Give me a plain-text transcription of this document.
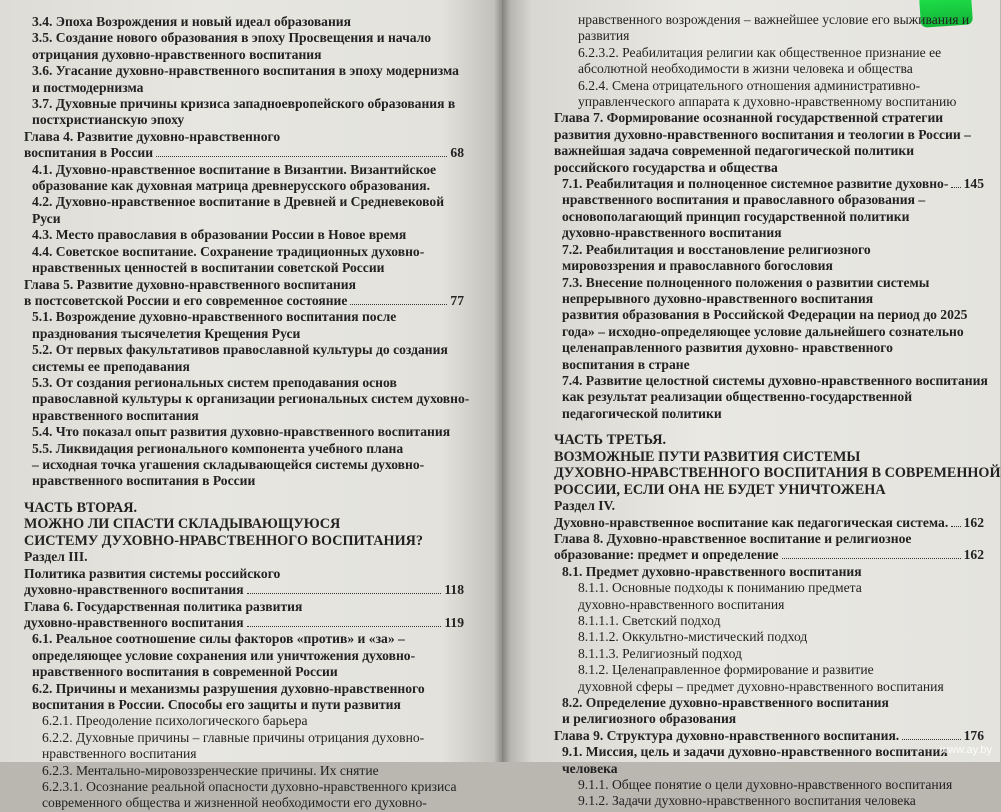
3.4. Эпоха Возрождения и новый идеал образования
3.5. Создание нового образования в эпоху Просвещения и начало
отрицания духовно-нравственного воспитания
3.6. Угасание духовно-нравственного воспитания в эпоху модернизма
и постмодернизма
3.7. Духовные причины кризиса западноевропейского образования в
постхристианскую эпоху
Глава 4. Развитие духовно-нравственного
воспитания в России	68
4.1. Духовно-нравственное воспитание в Византии. Византийское
образование как духовная матрица древнерусского образования.
4.2. Духовно-нравственное воспитание в Древней и Средневековой
Руси
4.3. Место православия в образовании России в Новое время
4.4. Советское воспитание. Сохранение традиционных духовно-
нравственных ценностей в воспитании советской России
Глава 5. Развитие духовно-нравственного воспитания
в постсоветской России и его современное состояние	77
5.1. Возрождение духовно-нравственного воспитания после
празднования тысячелетия Крещения Руси
5.2. От первых факультативов православной культуры до создания
системы ее преподавания
5.3. От создания региональных систем преподавания основ
православной культуры к организации региональных систем духовно-
нравственного воспитания
5.4. Что показал опыт развития духовно-нравственного воспитания
5.5. Ликвидация регионального компонента учебного плана
– исходная точка угашения складывающейся системы духовно-
нравственного воспитания в России
ЧАСТЬ ВТОРАЯ.
МОЖНО ЛИ СПАСТИ СКЛАДЫВАЮЩУЮСЯ
СИСТЕМУ ДУХОВНО-НРАВСТВЕННОГО ВОСПИТАНИЯ?
Раздел III.
Политика развития системы российского
духовно-нравственного воспитания	118
Глава 6. Государственная политика развития
духовно-нравственного воспитания	119
6.1. Реальное соотношение силы факторов «против» и «за» –
определяющее условие сохранения или уничтожения духовно-
нравственного воспитания в современной России
6.2. Причины и механизмы разрушения духовно-нравственного
воспитания в России. Способы его защиты и пути развития
6.2.1. Преодоление психологического барьера
6.2.2. Духовные причины – главные причины отрицания духовно-
нравственного воспитания
6.2.3. Ментально-мировоззренческие причины. Их снятие
6.2.3.1. Осознание реальной опасности духовно-нравственного кризиса
современного общества и жизненной необходимости его духовно-
нравственного возрождения – важнейшее условие его выживания и
развития
6.2.3.2. Реабилитация религии как общественное признание ее
абсолютной необходимости в жизни человека и общества
6.2.4. Смена отрицательного отношения административно-
управленческого аппарата к духовно-нравственному воспитанию
Глава 7. Формирование осознанной государственной стратегии
развития духовно-нравственного воспитания и теологии в России –
важнейшая задача современной педагогической политики
российского государства и общества
7.1. Реабилитация и полноценное системное развитие духовно- 145
нравственного воспитания и православного образования –
основополагающий принцип государственной политики
духовно-нравственного воспитания
7.2. Реабилитация и восстановление религиозного
мировоззрения и православного богословия
7.3. Внесение полноценного положения о развитии системы
непрерывного духовно-нравственного воспитания
развития образования в Российской Федерации на период до 2025
года» – исходно-определяющее условие дальнейшего сознательно
целенаправленного развития духовно- нравственного
воспитания в стране
7.4. Развитие целостной системы духовно-нравственного воспитания
как результат реализации общественно-государственной
педагогической политики
ЧАСТЬ ТРЕТЬЯ.
ВОЗМОЖНЫЕ ПУТИ РАЗВИТИЯ СИСТЕМЫ
ДУХОВНО-НРАВСТВЕННОГО ВОСПИТАНИЯ В СОВРЕМЕННОЙ
РОССИИ, ЕСЛИ ОНА НЕ БУДЕТ УНИЧТОЖЕНА
Раздел IV.
Духовно-нравственное воспитание как педагогическая система. 162
Глава 8. Духовно-нравственное воспитание и религиозное
образование: предмет и определение	162
8.1. Предмет духовно-нравственного воспитания
8.1.1. Основные подходы к пониманию предмета
духовно-нравственного воспитания
8.1.1.1. Светский подход
8.1.1.2. Оккультно-мистический подход
8.1.1.3. Религиозный подход
8.1.2. Целенаправленное формирование и развитие
духовной сферы – предмет духовно-нравственного воспитания
8.2. Определение духовно-нравственного воспитания
и религиозного образования
Глава 9. Структура духовно-нравственного воспитания.	176
9.1. Миссия, цель и задачи духовно-нравственного воспитания
человека
9.1.1. Общее понятие о цели духовно-нравственного воспитания
9.1.2. Задачи духовно-нравственного воспитания человека
www.ay.by
